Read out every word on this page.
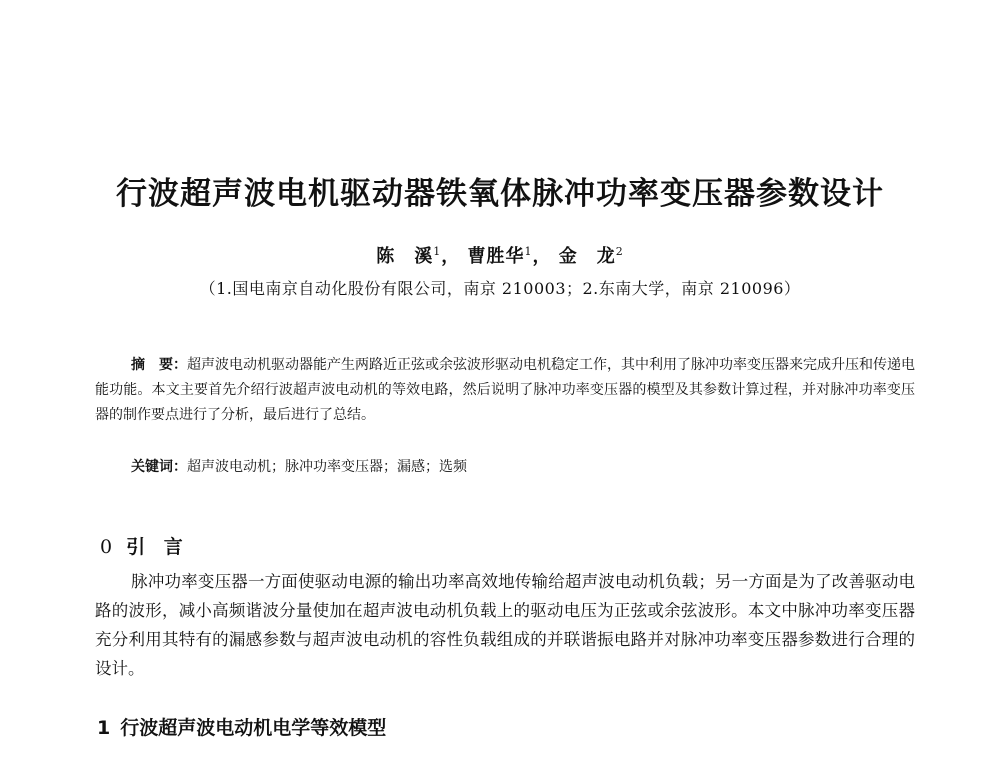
行波超声波电机驱动器铁氧体脉冲功率变压器参数设计
陈　溪$^1$， 曹胜华$^1$， 金　龙$^2$
（1.国电南京自动化股份有限公司，南京 210003；2.东南大学，南京 210096）
摘　要：超声波电动机驱动器能产生两路近正弦或余弦波形驱动电机稳定工作，其中利用了脉冲功率变压器来完成升压和传递电能功能。本文主要首先介绍行波超声波电动机的等效电路，然后说明了脉冲功率变压器的模型及其参数计算过程，并对脉冲功率变压器的制作要点进行了分析，最后进行了总结。
关键词：超声波电动机；脉冲功率变压器；漏感；选频
0 引 言
脉冲功率变压器一方面使驱动电源的输出功率高效地传输给超声波电动机负载；另一方面是为了改善驱动电路的波形，减小高频谐波分量使加在超声波电动机负载上的驱动电压为正弦或余弦波形。本文中脉冲功率变压器充分利用其特有的漏感参数与超声波电动机的容性负载组成的并联谐振电路并对脉冲功率变压器参数进行合理的设计。
1 行波超声波电动机电学等效模型
